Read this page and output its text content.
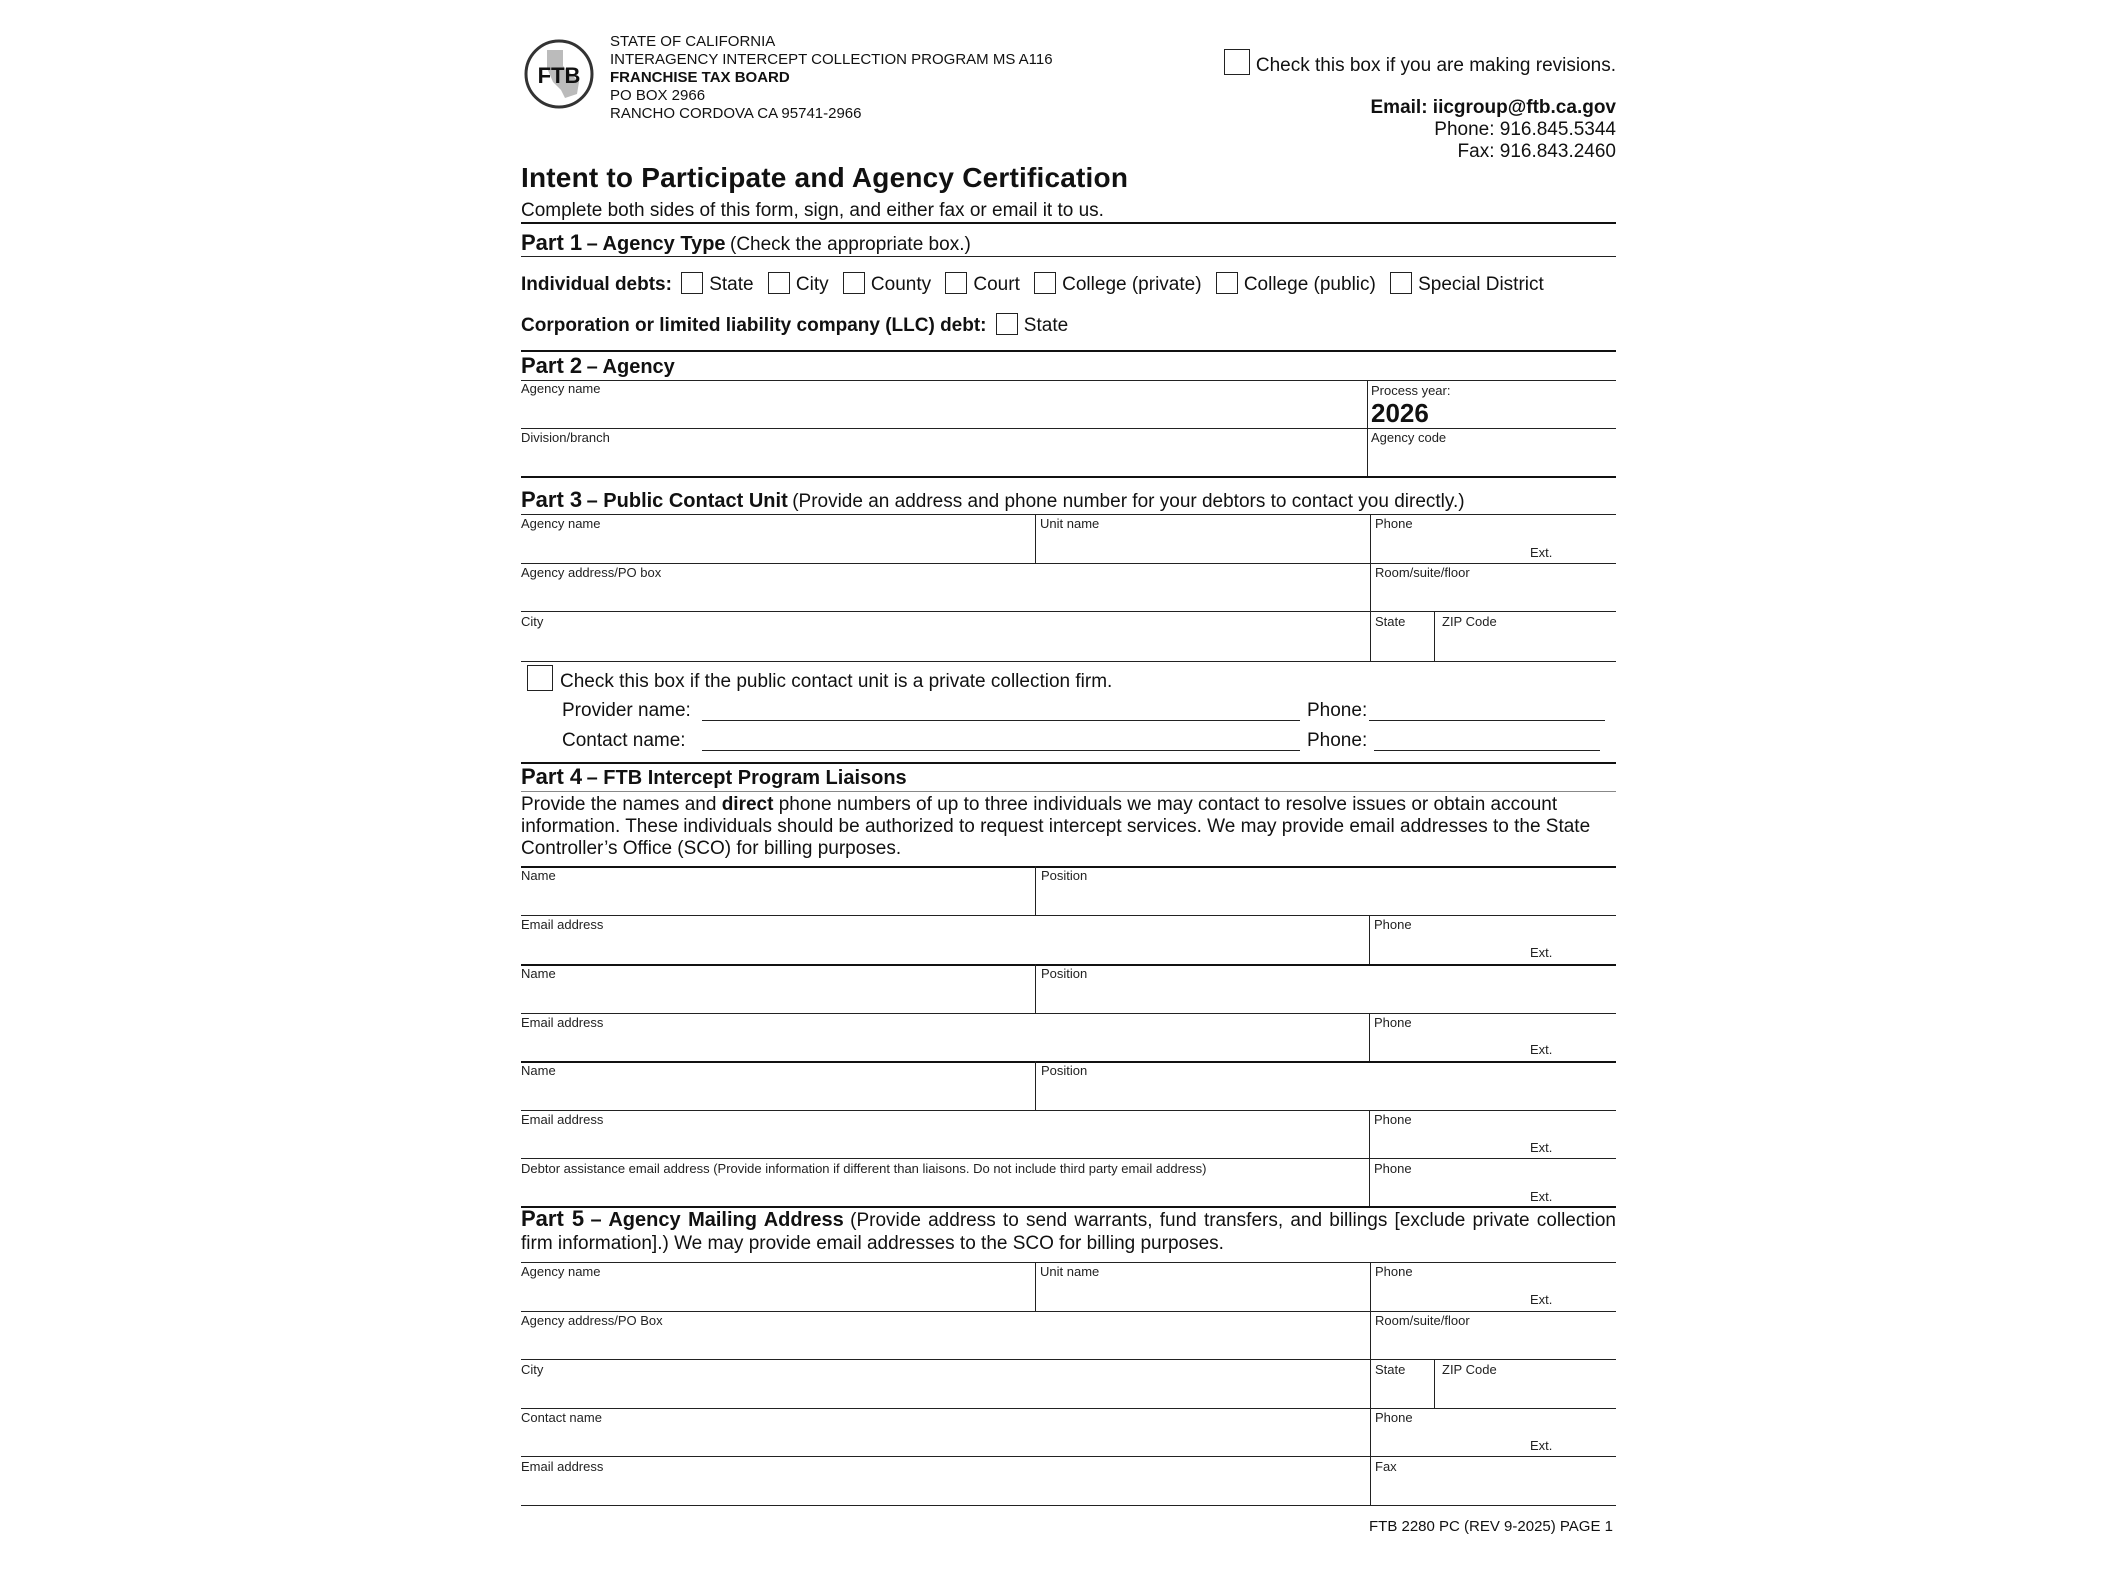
FTB
STATE OF CALIFORNIA
INTERAGENCY INTERCEPT COLLECTION PROGRAM MS A116
FRANCHISE TAX BOARD
PO BOX 2966
RANCHO CORDOVA CA 95741-2966
Check this box if you are making revisions.
Email: iicgroup@ftb.ca.gov
Phone: 916.845.5344
Fax: 916.843.2460
Intent to Participate and Agency Certification
Complete both sides of this form, sign, and either fax or email it to us.
Part 1 – Agency Type (Check the appropriate box.)
Individual debts: State City County Court College (private) College (public) Special District
Corporation or limited liability company (LLC) debt: State
Part 2 – Agency
Agency name	Process year:
2026
Division/branch	Agency code
Part 3 – Public Contact Unit (Provide an address and phone number for your debtors to contact you directly.)
Agency name	Unit name	Phone
Ext.
Agency address/PO box	Room/suite/floor
City	State	ZIP Code
Check this box if the public contact unit is a private collection firm.
Provider name:	Phone:
Contact name:	Phone:
Part 4 – FTB Intercept Program Liaisons
Provide the names and direct phone numbers of up to three individuals we may contact to resolve issues or obtain account information. These individuals should be authorized to request intercept services. We may provide email addresses to the State Controller’s Office (SCO) for billing purposes.
Name	Position
Email address	Phone
Ext.
Name	Position
Email address	Phone
Ext.
Name	Position
Email address	Phone
Ext.
Debtor assistance email address (Provide information if different than liaisons. Do not include third party email address)	Phone
Ext.
Part 5 – Agency Mailing Address (Provide address to send warrants, fund transfers, and billings [exclude private collection firm information].) We may provide email addresses to the SCO for billing purposes.
Agency name	Unit name	Phone
Ext.
Agency address/PO Box	Room/suite/floor
City	State	ZIP Code
Contact name	Phone
Ext.
Email address	Fax
FTB 2280 PC (REV 9-2025) PAGE 1
